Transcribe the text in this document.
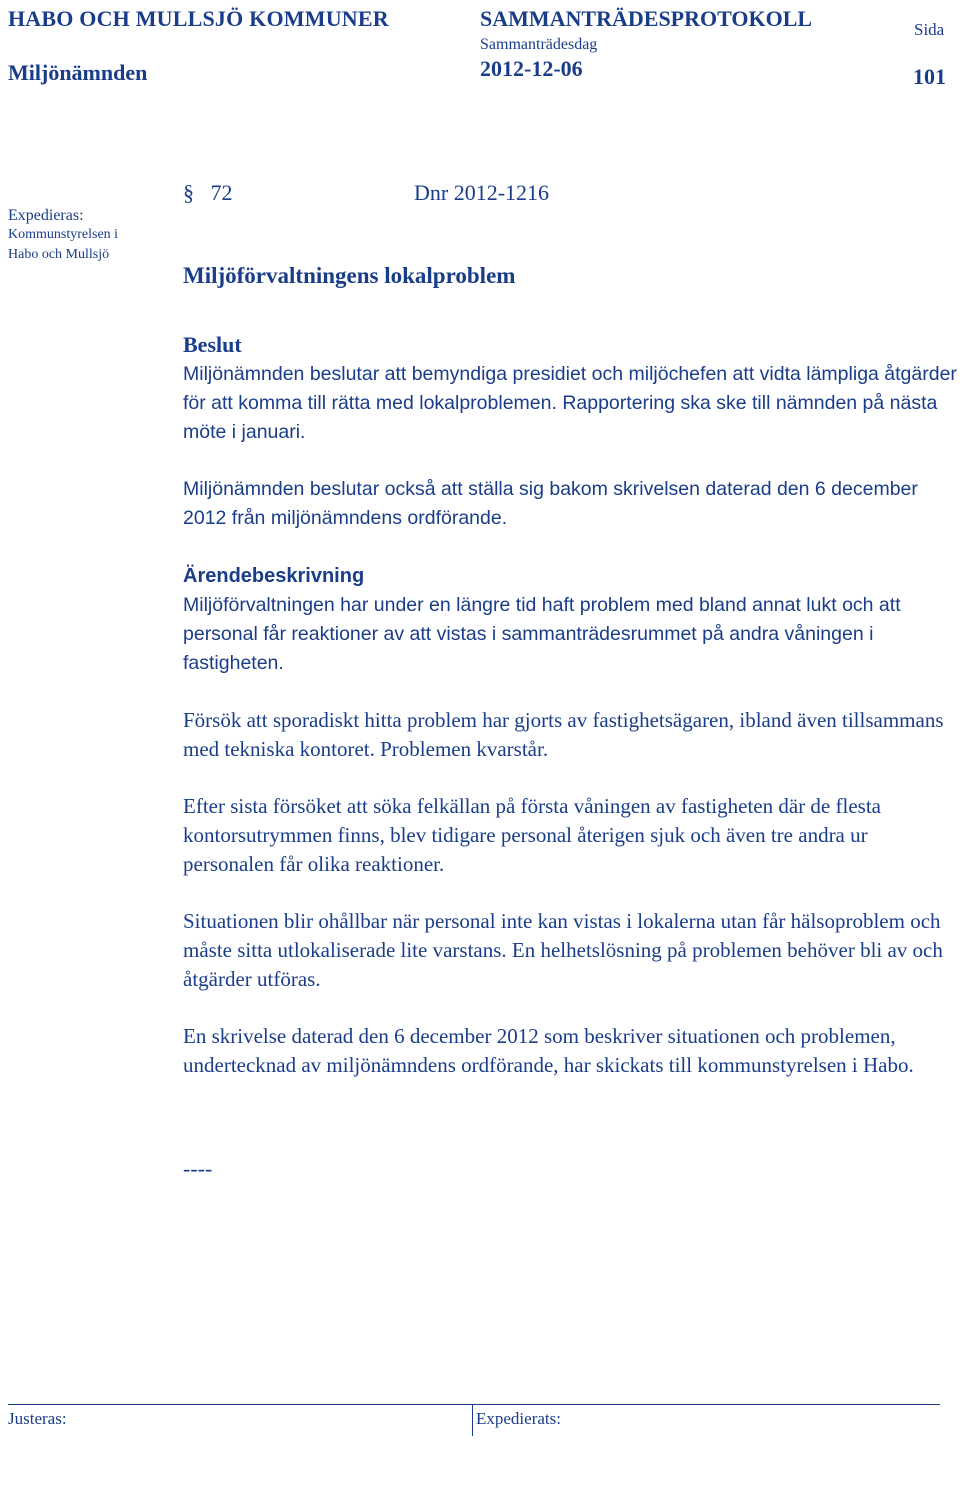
HABO OCH MULLSJÖ KOMMUNER	SAMMANTRÄDESPROTOKOLL	Sida
Sammanträdesdag
Miljönämnden	2012-12-06	101
Expedieras:
Kommunstyrelsen i
Habo och Mullsjö
§ 72	Dnr 2012-1216
Miljöförvaltningens lokalproblem
Beslut

Miljönämnden beslutar att bemyndiga presidiet och miljöchefen att vidta lämpliga åtgärder för att komma till rätta med lokalproblemen. Rapportering ska ske till nämnden på nästa möte i januari.

Miljönämnden beslutar också att ställa sig bakom skrivelsen daterad den 6 december 2012 från miljönämndens ordförande.

Ärendebeskrivning

Miljöförvaltningen har under en längre tid haft problem med bland annat lukt och att personal får reaktioner av att vistas i sammanträdesrummet på andra våningen i fastigheten.

Försök att sporadiskt hitta problem har gjorts av fastighetsägaren, ibland även tillsammans med tekniska kontoret. Problemen kvarstår.

Efter sista försöket att söka felkällan på första våningen av fastigheten där de flesta kontorsutrymmen finns, blev tidigare personal återigen sjuk och även tre andra ur personalen får olika reaktioner.

Situationen blir ohållbar när personal inte kan vistas i lokalerna utan får hälsoproblem och måste sitta utlokaliserade lite varstans. En helhetslösning på problemen behöver bli av och åtgärder utföras.

En skrivelse daterad den 6 december 2012 som beskriver situationen och problemen, undertecknad av miljönämndens ordförande, har skickats till kommunstyrelsen i Habo.

----
Justeras:	Expedierats:
